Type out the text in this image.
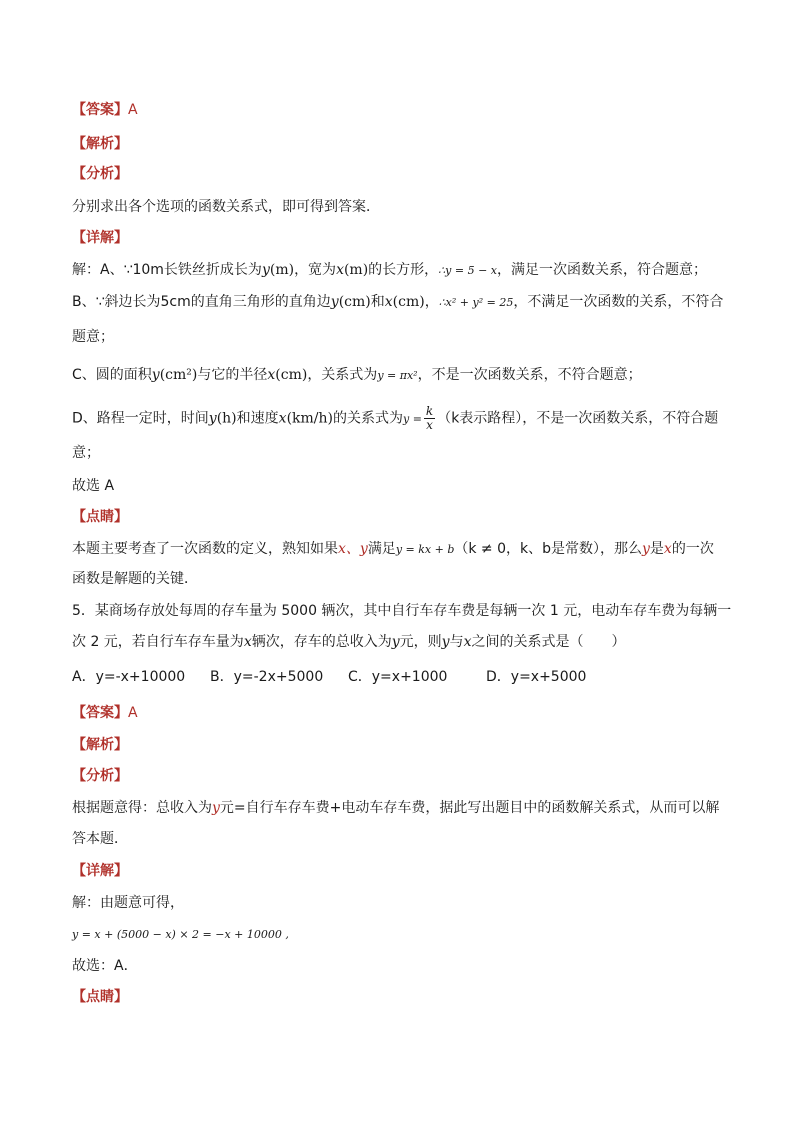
【答案】A
【解析】
【分析】
分别求出各个选项的函数关系式，即可得到答案．
【详解】
解：A、∵10m长铁丝折成长为y(m)，宽为x(m)的长方形，∴y = 5 − x，满足一次函数关系，符合题意；
B、∵斜边长为5cm的直角三角形的直角边y(cm)和x(cm)，∴x² + y² = 25，不满足一次函数的关系，不符合
题意；
C、圆的面积y(cm²)与它的半径x(cm)，关系式为y = πx²，不是一次函数关系，不符合题意；
D、路程一定时，时间y(h)和速度x(km/h)的关系式为$y = \frac{k}{x} (k$表示路程），不是一次函数关系，不符合题
意；
故选 A
【点睛】
本题主要考查了一次函数的定义，熟知如果x、y满足y = kx + b（k ≠ 0，k、b是常数），那么y是x的一次
函数是解题的关键．
5．某商场存放处每周的存车量为 5000 辆次，其中自行车存车费是每辆一次 1 元，电动车存车费为每辆一
次 2 元，若自行车存车量为x辆次，存车的总收入为y元，则y与x之间的关系式是（　　）
A．y=-x+10000 B．y=-2x+5000 C．y=x+1000	D．y=x+5000
【答案】A
【解析】
【分析】
根据题意得：总收入为y元=自行车存车费+电动车存车费，据此写出题目中的函数解关系式，从而可以解
答本题．
【详解】
解：由题意可得，
y = x + (5000 − x) × 2 = −x + 10000 ,
故选：A．
【点睛】
